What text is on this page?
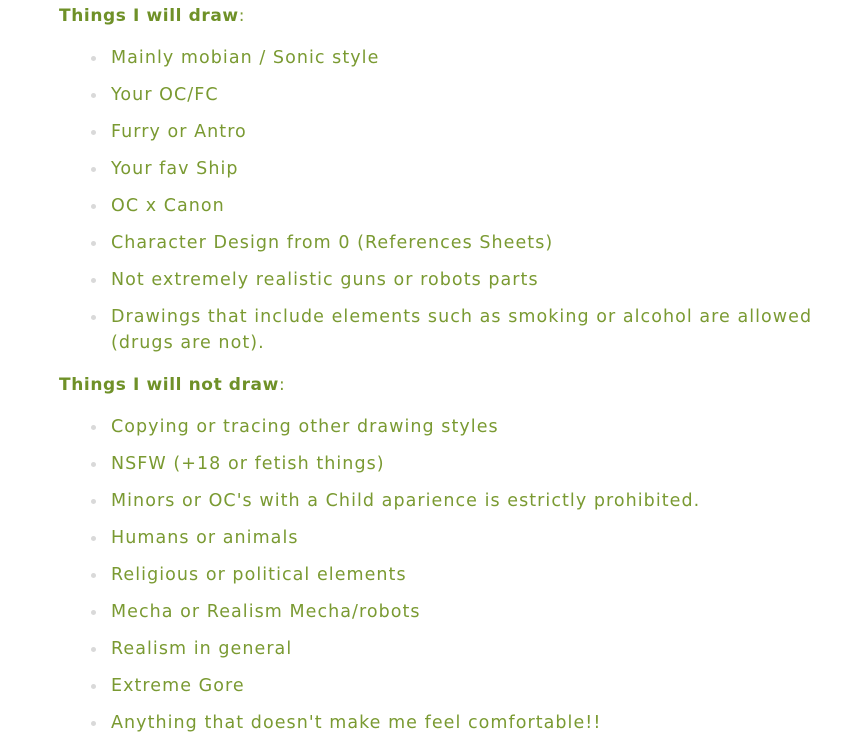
Things I will draw:

Mainly mobian / Sonic style
Your OC/FC
Furry or Antro
Your fav Ship
OC x Canon
Character Design from 0 (References Sheets)
Not extremely realistic guns or robots parts
Drawings that include elements such as smoking or alcohol are allowed (drugs are not).

Things I will not draw:

Copying or tracing other drawing styles
NSFW (+18 or fetish things)
Minors or OC's with a Child aparience is estrictly prohibited.
Humans or animals
Religious or political elements
Mecha or Realism Mecha/robots
Realism in general
Extreme Gore
Anything that doesn't make me feel comfortable!!
